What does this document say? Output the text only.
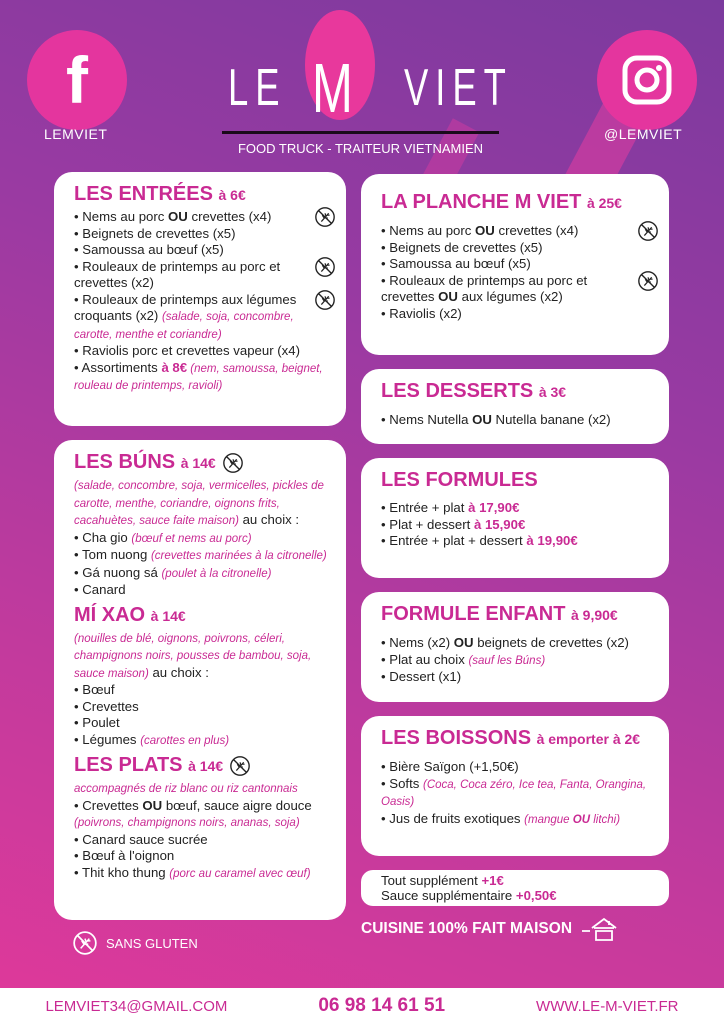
f
LEMVIET	@LEMVIET
LE M VIET
FOOD TRUCK - TRAITEUR VIETNAMIEN
LES ENTRÉES à 6€
• Nems au porc OU crevettes (x4)
• Beignets de crevettes (x5)
• Samoussa au bœuf (x5)
• Rouleaux de printemps au porc et crevettes (x2)
• Rouleaux de printemps aux légumes croquants (x2) (salade, soja, concombre, carotte, menthe et coriandre)
• Raviolis porc et crevettes vapeur (x4)
• Assortiments à 8€ (nem, samoussa, beignet, rouleau de printemps, ravioli)
LES BÚNS à 14€
(salade, concombre, soja, vermicelles, pickles de carotte, menthe, coriandre, oignons frits, cacahuètes, sauce faite maison) au choix :
• Cha gio (bœuf et nems au porc)
• Tom nuong (crevettes marinées à la citronelle)
• Gá nuong sá (poulet à la citronelle)
• Canard
MÍ XAO à 14€
(nouilles de blé, oignons, poivrons, céleri, champignons noirs, pousses de bambou, soja, sauce maison) au choix :
• Bœuf
• Crevettes
• Poulet
• Légumes (carottes en plus)
LES PLATS à 14€
accompagnés de riz blanc ou riz cantonnais
• Crevettes OU bœuf, sauce aigre douce (poivrons, champignons noirs, ananas, soja)
• Canard sauce sucrée
• Bœuf à l'oignon
• Thit kho thung (porc au caramel avec œuf)
SANS GLUTEN
LA PLANCHE M VIET à 25€
• Nems au porc OU crevettes (x4)
• Beignets de crevettes (x5)
• Samoussa au bœuf (x5)
• Rouleaux de printemps au porc et crevettes OU aux légumes (x2)
• Raviolis (x2)
LES DESSERTS à 3€
• Nems Nutella OU Nutella banane (x2)
LES FORMULES
• Entrée + plat à 17,90€
• Plat + dessert à 15,90€
• Entrée + plat + dessert à 19,90€
FORMULE ENFANT à 9,90€
• Nems (x2) OU beignets de crevettes (x2)
• Plat au choix (sauf les Búns)
• Dessert (x1)
LES BOISSONS à emporter à 2€
• Bière Saïgon (+1,50€)
• Softs (Coca, Coca zéro, Ice tea, Fanta, Orangina, Oasis)
• Jus de fruits exotiques (mangue OU litchi)
Tout supplément +1€
Sauce supplémentaire +0,50€
CUISINE 100% FAIT MAISON
LEMVIET34@GMAIL.COM	06 98 14 61 51	WWW.LE-M-VIET.FR
